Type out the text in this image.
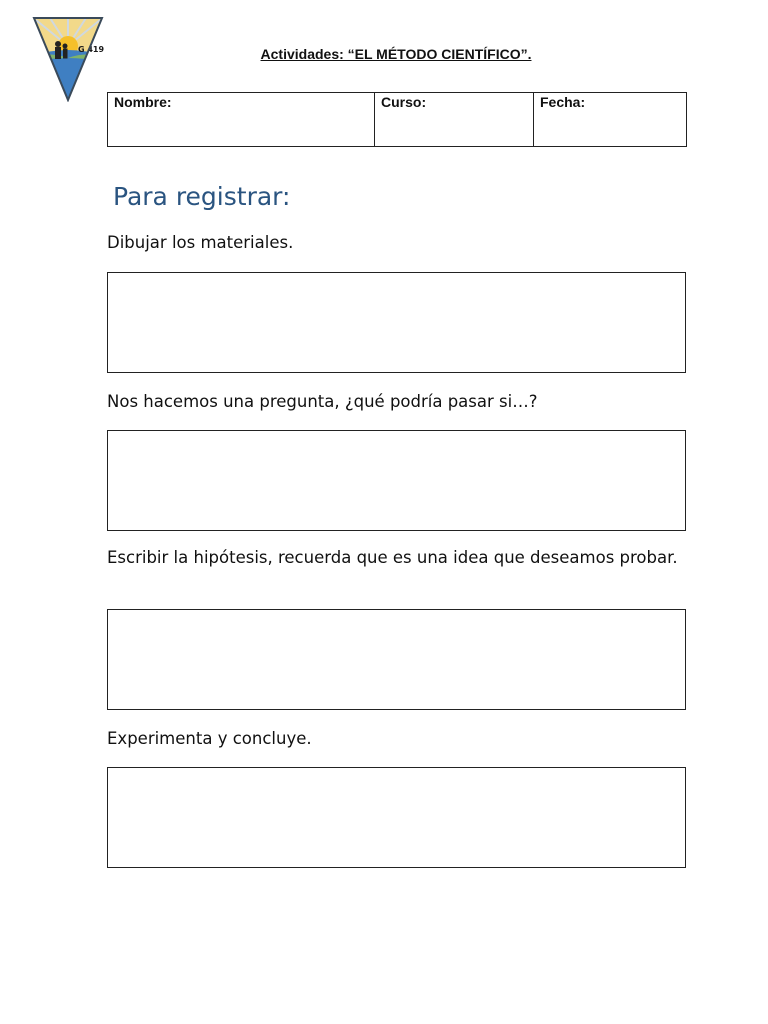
G 419	Actividades: “EL MÉTODO CIENTÍFICO”.
Nombre:	Curso:	Fecha:
Para registrar:
Dibujar los materiales.
Nos hacemos una pregunta, ¿qué podría pasar si…?
Escribir la hipótesis, recuerda que es una idea que deseamos probar.
Experimenta y concluye.
